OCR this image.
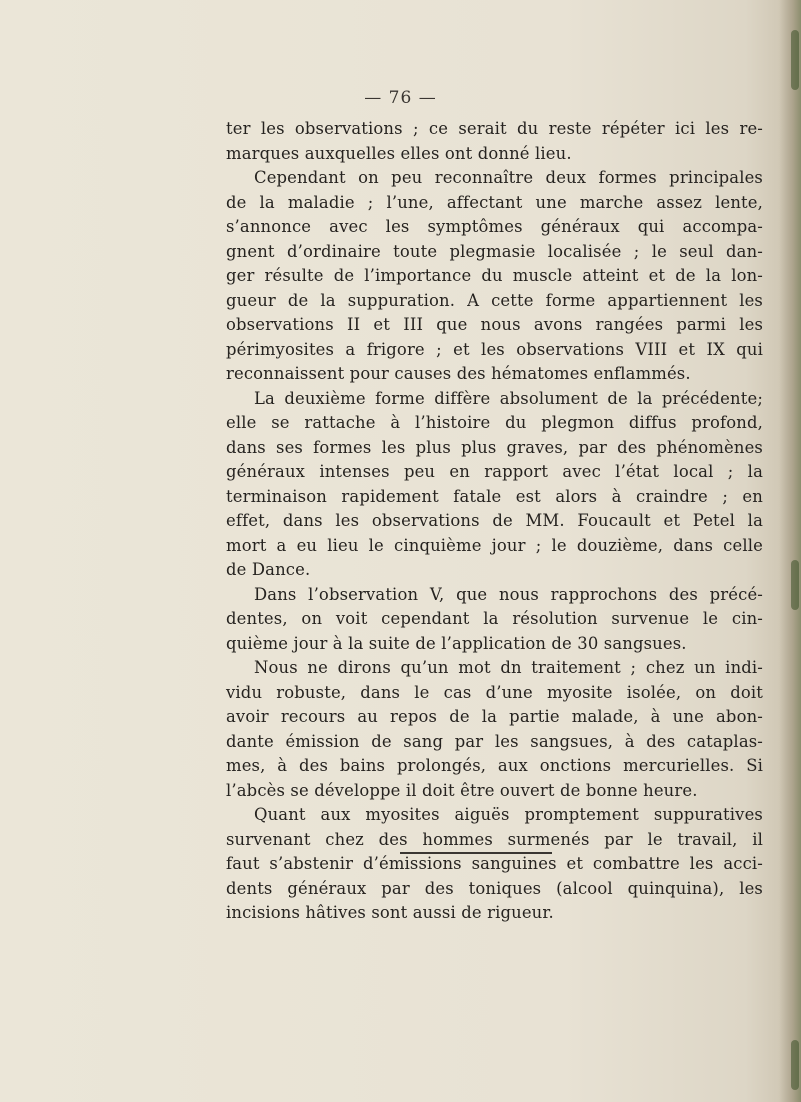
— 76 —
ter les observations ; ce serait du reste répéter ici les re-
marques auxquelles elles ont donné lieu.
Cependant on peu reconnaître deux formes principales
de la maladie ; l’une, affectant une marche assez lente,
s’annonce avec les symptômes généraux qui accompa-
gnent d’ordinaire toute plegmasie localisée ; le seul dan-
ger résulte de l’importance du muscle atteint et de la lon-
gueur de la suppuration. A cette forme appartiennent les
observations II et III que nous avons rangées parmi les
périmyosites a frigore ; et les observations VIII et IX qui
reconnaissent pour causes des hématomes enflammés.
La deuxième forme diffère absolument de la précédente;
elle se rattache à l’histoire du plegmon diffus profond,
dans ses formes les plus plus graves, par des phénomènes
généraux intenses peu en rapport avec l’état local ; la
terminaison rapidement fatale est alors à craindre ; en
effet, dans les observations de MM. Foucault et Petel la
mort a eu lieu le cinquième jour ; le douzième, dans celle
de Dance.
Dans l’observation V, que nous rapprochons des précé-
dentes, on voit cependant la résolution survenue le cin-
quième jour à la suite de l’application de 30 sangsues.
Nous ne dirons qu’un mot dn traitement ; chez un indi-
vidu robuste, dans le cas d’une myosite isolée, on doit
avoir recours au repos de la partie malade, à une abon-
dante émission de sang par les sangsues, à des cataplas-
mes, à des bains prolongés, aux onctions mercurielles. Si
l’abcès se développe il doit être ouvert de bonne heure.
Quant aux myosites aiguës promptement suppuratives
survenant chez des hommes surmenés par le travail, il
faut s’abstenir d’émissions sanguines et combattre les acci-
dents généraux par des toniques (alcool quinquina), les
incisions hâtives sont aussi de rigueur.
